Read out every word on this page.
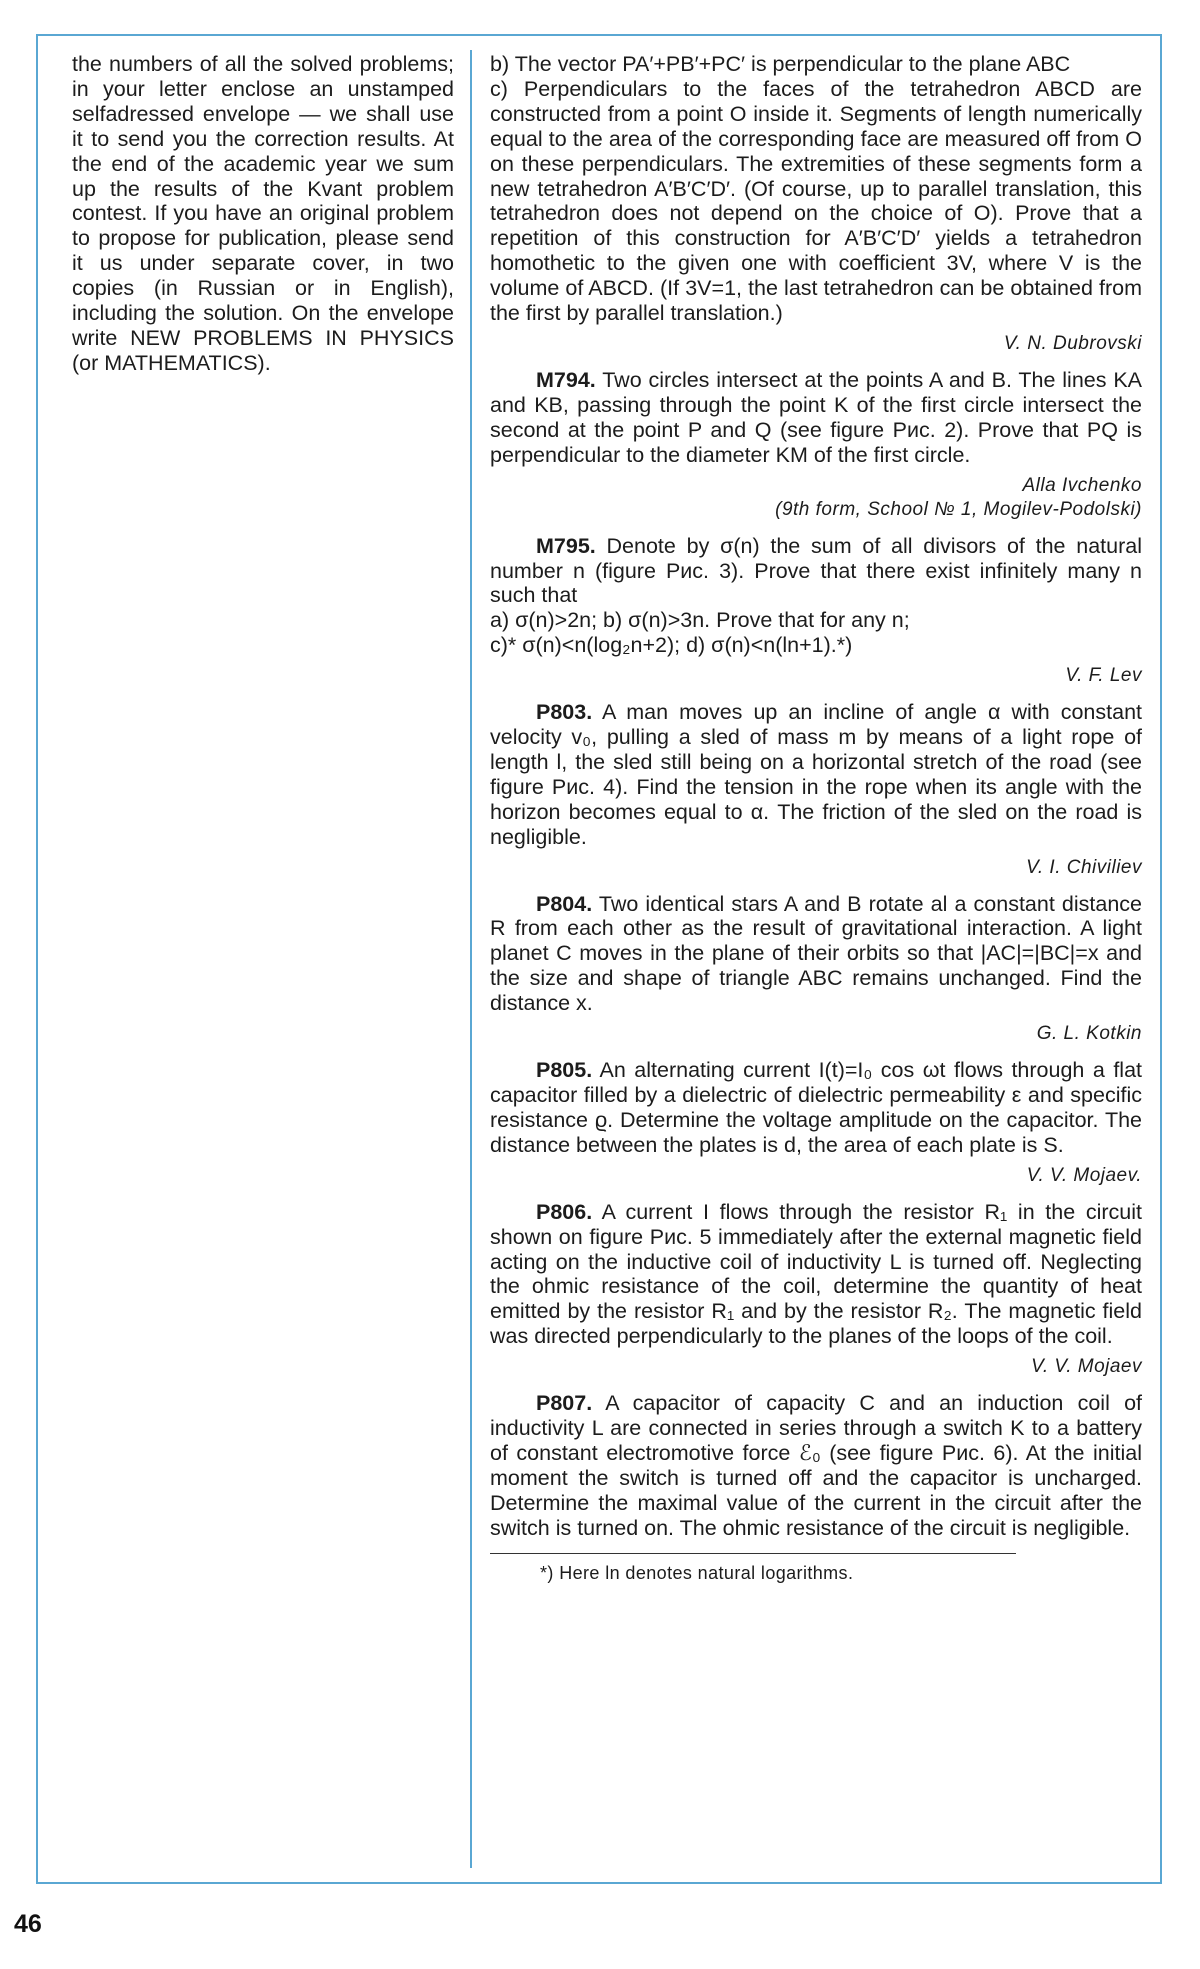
the numbers of all the solved problems; in your letter enclose an unstamped selfadressed envelope — we shall use it to send you the correction results. At the end of the academic year we sum up the results of the Kvant problem contest. If you have an original problem to propose for publication, please send it us under separate cover, in two copies (in Russian or in English), including the solution. On the envelope write NEW PROBLEMS IN PHYSICS (or MATHEMATICS).

b) The vector PA′+PB′+PC′ is perpendicular to the plane ABC

c) Perpendiculars to the faces of the tetrahedron ABCD are constructed from a point O inside it. Segments of length numerically equal to the area of the corresponding face are measured off from O on these perpendiculars. The extremities of these segments form a new tetrahedron A′B′C′D′. (Of course, up to parallel translation, this tetrahedron does not depend on the choice of O). Prove that a repetition of this construction for A′B′C′D′ yields a tetrahedron homothetic to the given one with coefficient 3V, where V is the volume of ABCD. (If 3V=1, the last tetrahedron can be obtained from the first by parallel translation.)

V. N. Dubrovski

M794. Two circles intersect at the points A and B. The lines KA and KB, passing through the point K of the first circle intersect the second at the point P and Q (see figure Рис. 2). Prove that PQ is perpendicular to the diameter KM of the first circle.

Alla Ivchenko

(9th form, School № 1, Mogilev-Podolski)

M795. Denote by σ(n) the sum of all divisors of the natural number n (figure Рис. 3). Prove that there exist infinitely many n such that

a) σ(n)>2n; b) σ(n)>3n. Prove that for any n;

c)* σ(n)<n(log₂n+2); d) σ(n)<n(ln+1).*)

V. F. Lev

P803. A man moves up an incline of angle α with constant velocity v₀, pulling a sled of mass m by means of a light rope of length l, the sled still being on a horizontal stretch of the road (see figure Рис. 4). Find the tension in the rope when its angle with the horizon becomes equal to α. The friction of the sled on the road is negligible.

V. I. Chiviliev

P804. Two identical stars A and B rotate al a constant distance R from each other as the result of gravitational interaction. A light planet C moves in the plane of their orbits so that |AC|=|BC|=x and the size and shape of triangle ABC remains unchanged. Find the distance x.

G. L. Kotkin

P805. An alternating current I(t)=I₀ cos ωt flows through a flat capacitor filled by a dielectric of dielectric permeability ε and specific resistance ϱ. Determine the voltage amplitude on the capacitor. The distance between the plates is d, the area of each plate is S.

V. V. Mojaev.

P806. A current I flows through the resistor R₁ in the circuit shown on figure Рис. 5 immediately after the external magnetic field acting on the inductive coil of inductivity L is turned off. Neglecting the ohmic resistance of the coil, determine the quantity of heat emitted by the resistor R₁ and by the resistor R₂. The magnetic field was directed perpendicularly to the planes of the loops of the coil.

V. V. Mojaev

P807. A capacitor of capacity C and an induction coil of inductivity L are connected in series through a switch K to a battery of constant electromotive force ℰ₀ (see figure Рис. 6). At the initial moment the switch is turned off and the capacitor is uncharged. Determine the maximal value of the current in the circuit after the switch is turned on. The ohmic resistance of the circuit is negligible.

*) Here ln denotes natural logarithms.

46
